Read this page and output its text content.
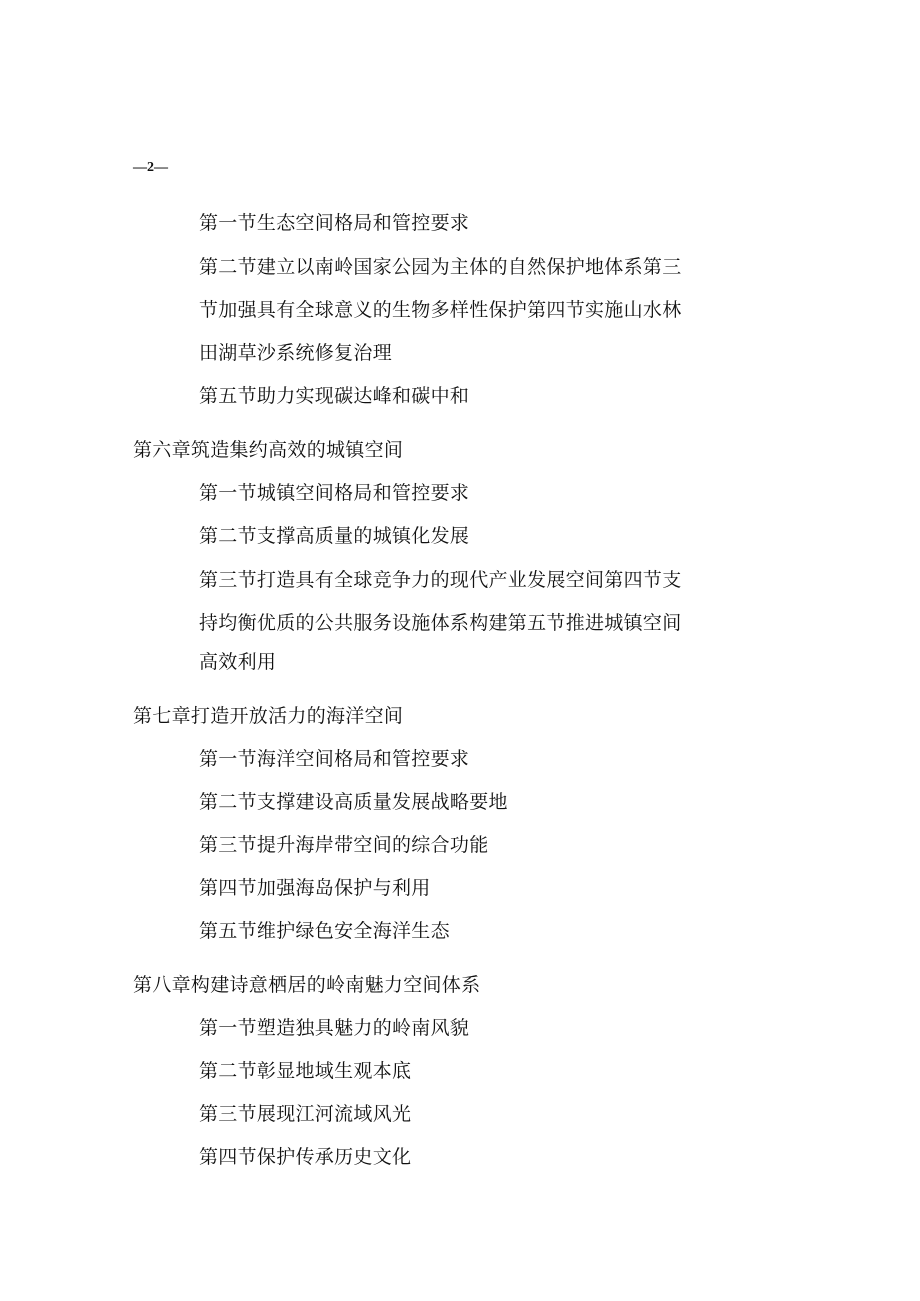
—2—
第一节生态空间格局和管控要求
第二节建立以南岭国家公园为主体的自然保护地体系第三
节加强具有全球意义的生物多样性保护第四节实施山水林
田湖草沙系统修复治理
第五节助力实现碳达峰和碳中和
第六章筑造集约高效的城镇空间
第一节城镇空间格局和管控要求
第二节支撑高质量的城镇化发展
第三节打造具有全球竞争力的现代产业发展空间第四节支
持均衡优质的公共服务设施体系构建第五节推进城镇空间
高效利用
第七章打造开放活力的海洋空间
第一节海洋空间格局和管控要求
第二节支撑建设高质量发展战略要地
第三节提升海岸带空间的综合功能
第四节加强海岛保护与利用
第五节维护绿色安全海洋生态
第八章构建诗意栖居的岭南魅力空间体系
第一节塑造独具魅力的岭南风貌
第二节彰显地域生观本底
第三节展现江河流域风光
第四节保护传承历史文化
